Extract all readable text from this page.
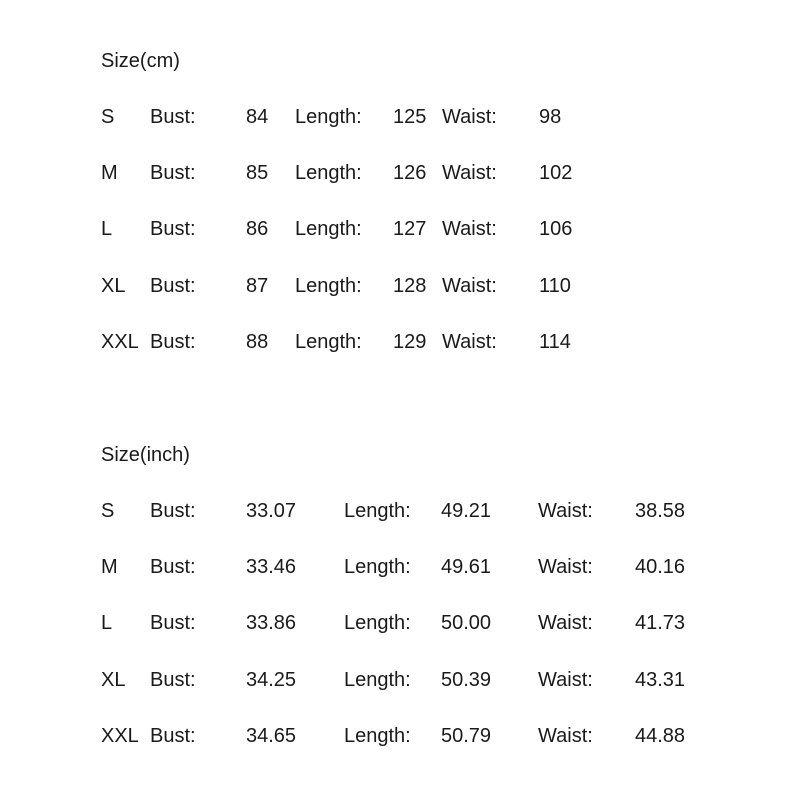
Size(cm)
S Bust:	84 Length: 125 Waist: 98
M Bust:	85 Length: 126 Waist: 102
L Bust:	86 Length: 127 Waist: 106
XL Bust:	87 Length: 128 Waist: 110
XXL Bust:	88 Length: 129 Waist: 114
Size(inch)
S Bust:	33.07 Length: 49.21 Waist: 38.58
M Bust:	33.46 Length: 49.61 Waist: 40.16
L Bust:	33.86 Length: 50.00 Waist: 41.73
XL Bust:	34.25 Length: 50.39 Waist: 43.31
XXL Bust:	34.65 Length: 50.79 Waist: 44.88
